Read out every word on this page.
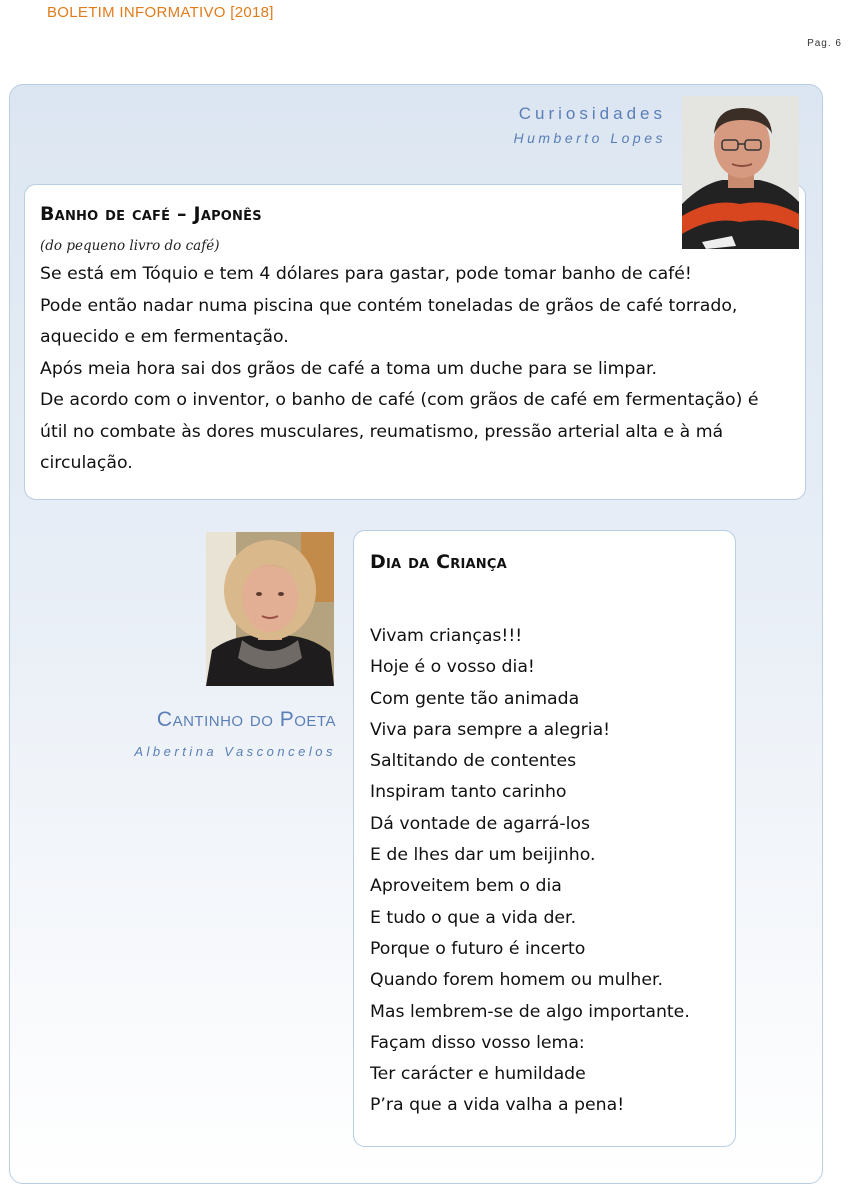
BOLETIM INFORMATIVO [2018]
Pag. 6
Curiosidades
Humberto Lopes
Banho de café – Japonês
(do pequeno livro do café)
Se está em Tóquio e tem 4 dólares para gastar, pode tomar banho de café!
Pode então nadar numa piscina que contém toneladas de grãos de café torrado,
aquecido e em fermentação.
Após meia hora sai dos grãos de café a toma um duche para se limpar.
De acordo com o inventor, o banho de café (com grãos de café em fermentação) é
útil no combate às dores musculares, reumatismo, pressão arterial alta e à má
circulação.
Cantinho do Poeta
Albertina Vasconcelos
Dia da Criança
Vivam crianças!!!
Hoje é o vosso dia!
Com gente tão animada
Viva para sempre a alegria!
Saltitando de contentes
Inspiram tanto carinho
Dá vontade de agarrá-los
E de lhes dar um beijinho.
Aproveitem bem o dia
E tudo o que a vida der.
Porque o futuro é incerto
Quando forem homem ou mulher.
Mas lembrem-se de algo importante.
Façam disso vosso lema:
Ter carácter e humildade
P’ra que a vida valha a pena!
